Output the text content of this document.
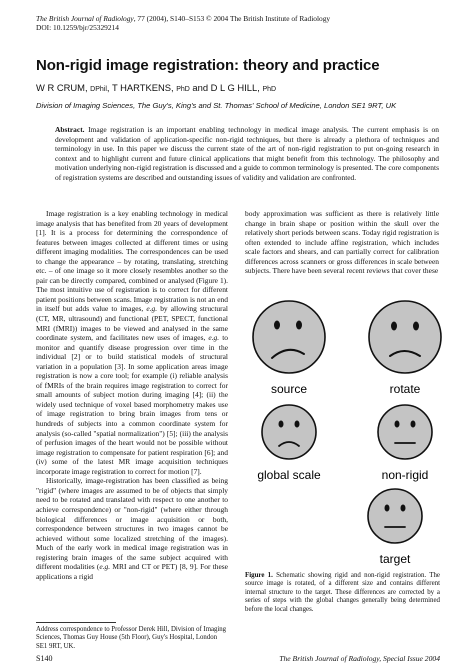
The British Journal of Radiology, 77 (2004), S140–S153 © 2004 The British Institute of Radiology
DOI: 10.1259/bjr/25329214
Non-rigid image registration: theory and practice
W R CRUM, DPhil, T HARTKENS, PhD and D L G HILL, PhD
Division of Imaging Sciences, The Guy's, King's and St. Thomas' School of Medicine, London SE1 9RT, UK
Abstract. Image registration is an important enabling technology in medical image analysis. The current emphasis is on development and validation of application-specific non-rigid techniques, but there is already a plethora of techniques and terminology in use. In this paper we discuss the current state of the art of non-rigid registration to put on-going research in context and to highlight current and future clinical applications that might benefit from this technology. The philosophy and motivation underlying non-rigid registration is discussed and a guide to common terminology is presented. The core components of registration systems are described and outstanding issues of validity and validation are confronted.

Image registration is a key enabling technology in medical image analysis that has benefited from 20 years of development [1]. It is a process for determining the correspondence of features between images collected at different times or using different imaging modalities. The correspondences can be used to change the appearance – by rotating, translating, stretching etc. – of one image so it more closely resembles another so the pair can be directly compared, combined or analysed (Figure 1). The most intuitive use of registration is to correct for different patient positions between scans. Image registration is not an end in itself but adds value to images, e.g. by allowing structural (CT, MR, ultrasound) and functional (PET, SPECT, functional MRI (fMRI)) images to be viewed and analysed in the same coordinate system, and facilitates new uses of images, e.g. to monitor and quantify disease progression over time in the individual [2] or to build statistical models of structural variation in a population [3]. In some application areas image registration is now a core tool; for example (i) reliable analysis of fMRIs of the brain requires image registration to correct for small amounts of subject motion during imaging [4]; (ii) the widely used technique of voxel based morphometry makes use of image registration to bring brain images from tens or hundreds of subjects into a common coordinate system for analysis (so-called "spatial normalization") [5]; (iii) the analysis of perfusion images of the heart would not be possible without image registration to compensate for patient respiration [6]; and (iv) some of the latest MR image acquisition techniques incorporate image registration to correct for motion [7].

Historically, image-registration has been classified as being "rigid" (where images are assumed to be of objects that simply need to be rotated and translated with respect to one another to achieve correspondence) or "non-rigid" (where either through biological differences or image acquisition or both, correspondence between structures in two images cannot be achieved without some localized stretching of the images). Much of the early work in medical image registration was in registering brain images of the same subject acquired with different modalities (e.g. MRI and CT or PET) [8, 9]. For these applications a rigid

body approximation was sufficient as there is relatively little change in brain shape or position within the skull over the relatively short periods between scans. Today rigid registration is often extended to include affine registration, which includes scale factors and shears, and can partially correct for calibration differences across scanners or gross differences in scale between subjects. There have been several recent reviews that cover these

source	rotate
global scale	non-rigid
target
Figure 1. Schematic showing rigid and non-rigid registration. The source image is rotated, of a different size and contains different internal structure to the target. These differences are corrected by a series of steps with the global changes generally being determined before the local changes.
Address correspondence to Professor Derek Hill, Division of Imaging Sciences, Thomas Guy House (5th Floor), Guy's Hospital, London SE1 9RT, UK.
S140	The British Journal of Radiology, Special Issue 2004
